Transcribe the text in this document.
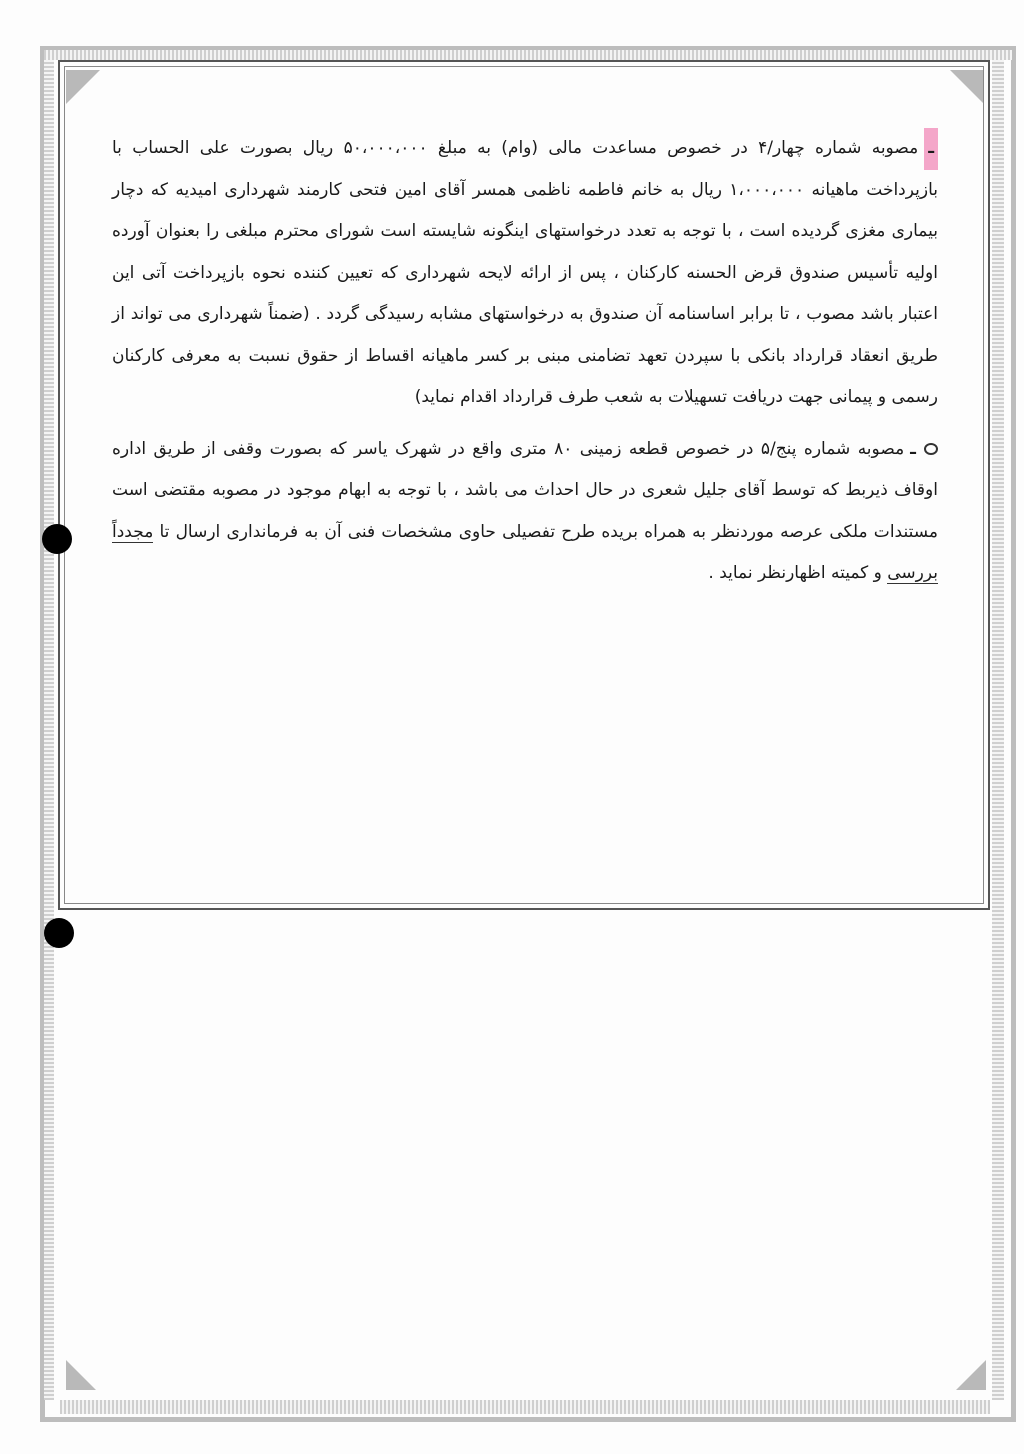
ـمصوبه شماره چهار/۴ در خصوص مساعدت مالی (وام) به مبلغ ۵۰،۰۰۰،۰۰۰ ریال بصورت علی الحساب با بازپرداخت ماهیانه ۱،۰۰۰،۰۰۰ ریال به خانم فاطمه ناظمی همسر آقای امین فتحی کارمند شهرداری امیدیه که دچار بیماری مغزی گردیده است ، با توجه به تعدد درخواستهای اینگونه شایسته است شورای محترم مبلغی را بعنوان آورده اولیه تأسیس صندوق قرض الحسنه کارکنان ، پس از ارائه لایحه شهرداری که تعیین کننده نحوه بازپرداخت آتی این اعتبار باشد مصوب ، تا برابر اساسنامه آن صندوق به درخواستهای مشابه رسیدگی گردد . (ضمناً شهرداری می تواند از طریق انعقاد قرارداد بانکی با سپردن تعهد تضامنی مبنی بر کسر ماهیانه اقساط از حقوق نسبت به معرفی کارکنان رسمی و پیمانی جهت دریافت تسهیلات به شعب طرف قرارداد اقدام نماید)

ـمصوبه شماره پنج/۵ در خصوص قطعه زمینی ۸۰ متری واقع در شهرک یاسر که بصورت وقفی از طریق اداره اوقاف ذیربط که توسط آقای جلیل شعری در حال احداث می باشد ، با توجه به ابهام موجود در مصوبه مقتضی است مستندات ملکی عرصه موردنظر به همراه بریده طرح تفصیلی حاوی مشخصات فنی آن به فرمانداری ارسال تا مجدداً بررسی و کمیته اظهارنظر نماید .
